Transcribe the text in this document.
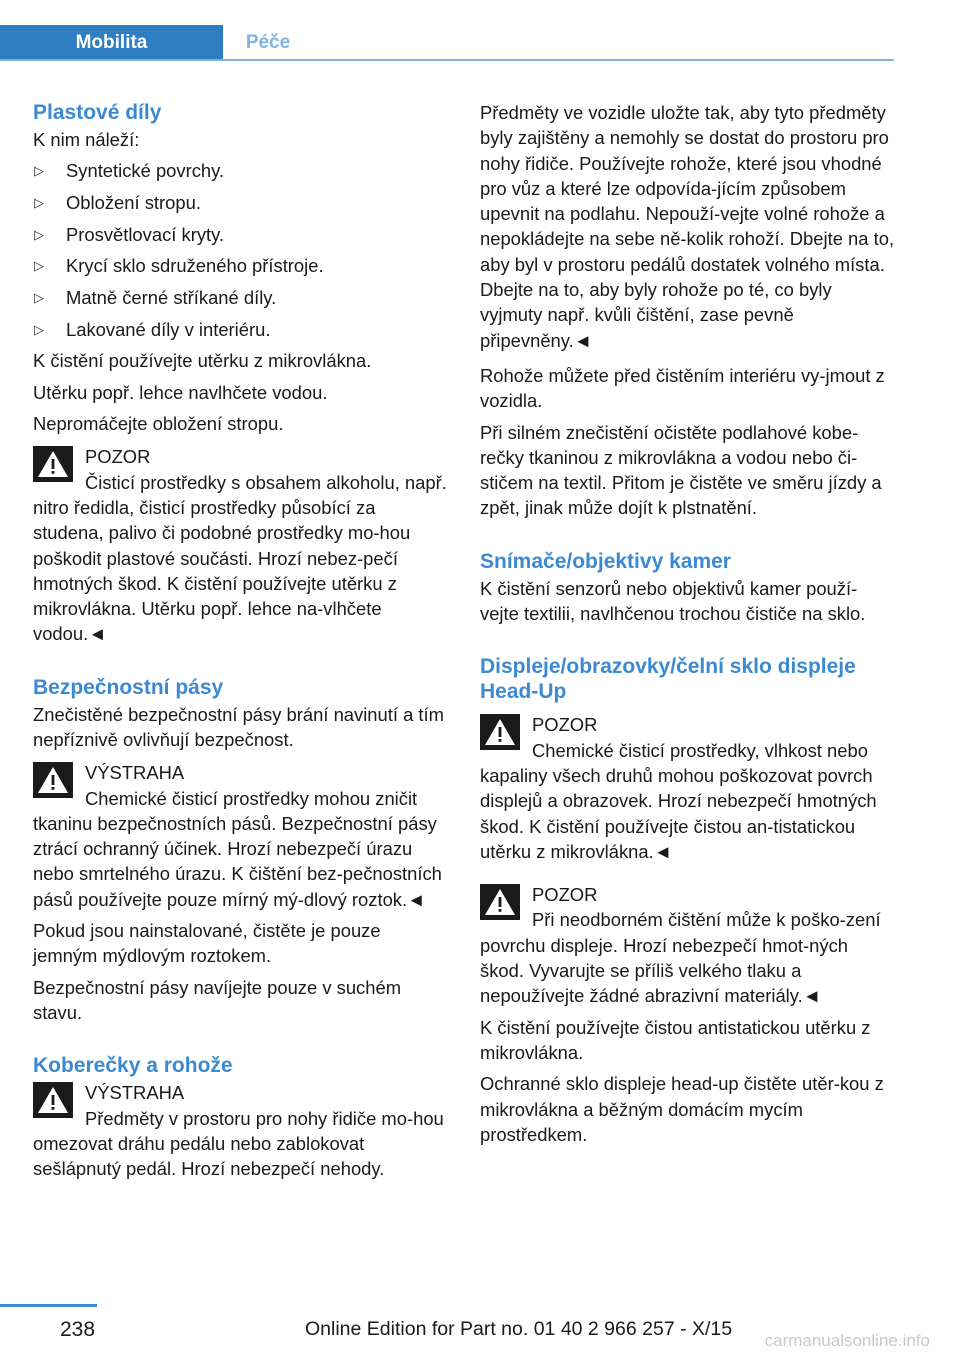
Mobilita	Péče
Plastové díly

K nim náleží:

▷ Syntetické povrchy.
▷ Obložení stropu.
▷ Prosvětlovací kryty.
▷ Krycí sklo sdruženého přístroje.
▷ Matně černé stříkané díly.
▷ Lakované díly v interiéru.

K čistění používejte utěrku z mikrovlákna.

Utěrku popř. lehce navlhčete vodou.

Nepromáčejte obložení stropu.

POZOR
Čisticí prostředky s obsahem alkoholu, např. nitro ředidla, čisticí prostředky působící za studena, palivo či podobné prostředky mo-hou poškodit plastové součásti. Hrozí nebez-pečí hmotných škod. K čistění používejte utěrku z mikrovlákna. Utěrku popř. lehce na-vlhčete vodou.◄
Bezpečnostní pásy

Znečistěné bezpečnostní pásy brání navinutí a tím nepříznivě ovlivňují bezpečnost.

VÝSTRAHA
Chemické čisticí prostředky mohou zničit tkaninu bezpečnostních pásů. Bezpečnostní pásy ztrácí ochranný účinek. Hrozí nebezpečí úrazu nebo smrtelného úrazu. K čištění bez-pečnostních pásů používejte pouze mírný mý-dlový roztok.◄

Pokud jsou nainstalované, čistěte je pouze jemným mýdlovým roztokem.

Bezpečnostní pásy navíjejte pouze v suchém stavu.

Koberečky a rohože
VÝSTRAHA
Předměty v prostoru pro nohy řidiče mo-hou omezovat dráhu pedálu nebo zablokovat sešlápnutý pedál. Hrozí nebezpečí nehody.

Předměty ve vozidle uložte tak, aby tyto předměty byly zajištěny a nemohly se dostat do prostoru pro nohy řidiče. Používejte rohože, které jsou vhodné pro vůz a které lze odpovída-jícím způsobem upevnit na podlahu. Nepouží-vejte volné rohože a nepokládejte na sebe ně-kolik rohoží. Dbejte na to, aby byl v prostoru pedálů dostatek volného místa. Dbejte na to, aby byly rohože po té, co byly vyjmuty např. kvůli čištění, zase pevně připevněny.◄

Rohože můžete před čistěním interiéru vy-jmout z vozidla.

Při silném znečistění očistěte podlahové kobe-rečky tkaninou z mikrovlákna a vodou nebo či-stičem na textil. Přitom je čistěte ve směru jízdy a zpět, jinak může dojít k plstnatění.

Snímače/objektivy kamer

K čistění senzorů nebo objektivů kamer použí-vejte textilii, navlhčenou trochou čističe na sklo.

Displeje/obrazovky/čelní sklo displeje Head-Up
POZOR
Chemické čisticí prostředky, vlhkost nebo kapaliny všech druhů mohou poškozovat povrch displejů a obrazovek. Hrozí nebezpečí hmotných škod. K čistění používejte čistou an-tistatickou utěrku z mikrovlákna.◄
POZOR
Při neodborném čištění může k poško-zení povrchu displeje. Hrozí nebezpečí hmot-ných škod. Vyvarujte se příliš velkého tlaku a nepoužívejte žádné abrazivní materiály.◄

K čistění používejte čistou antistatickou utěrku z mikrovlákna.

Ochranné sklo displeje head-up čistěte utěr-kou z mikrovlákna a běžným domácím mycím prostředkem.

238	Online Edition for Part no. 01 40 2 966 257 - X/15
carmanualsonline.info
